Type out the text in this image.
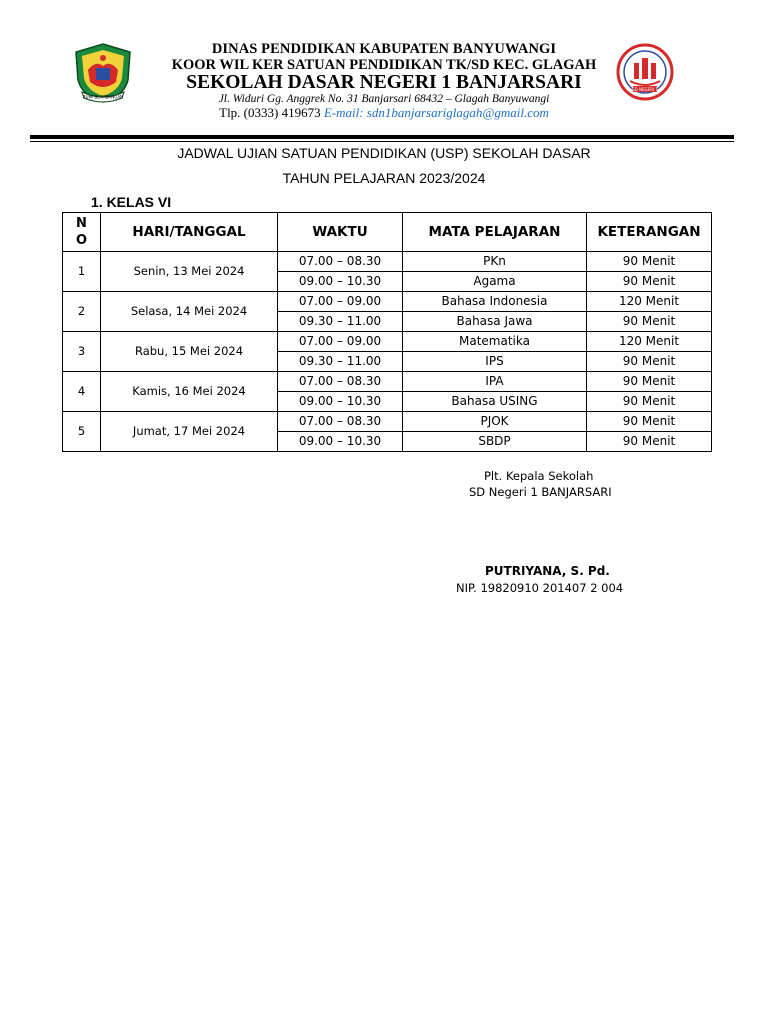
BUMI BLAMBANGAN
SD NEGERI 1
DINAS PENDIDIKAN KABUPATEN BANYUWANGI
KOOR WIL KER SATUAN PENDIDIKAN TK/SD KEC. GLAGAH
SEKOLAH DASAR NEGERI 1 BANJARSARI
Jl. Widuri Gg. Anggrek No. 31 Banjarsari 68432 – Glagah Banyuwangi
Tlp. (0333) 419673 E-mail: sdn1banjarsariglagah@gmail.com
JADWAL UJIAN SATUAN PENDIDIKAN (USP) SEKOLAH DASAR
TAHUN PELAJARAN 2023/2024
1. KELAS VI
N O	HARI/TANGGAL	WAKTU	MATA PELAJARAN	KETERANGAN
1	Senin, 13 Mei 2024	07.00 – 08.30	PKn	90 Menit
		09.00 – 10.30	Agama	90 Menit
2	Selasa, 14 Mei 2024	07.00 – 09.00	Bahasa Indonesia	120 Menit
		09.30 – 11.00	Bahasa Jawa	90 Menit
3	Rabu, 15 Mei 2024	07.00 – 09.00	Matematika	120 Menit
		09.30 – 11.00	IPS	90 Menit
4	Kamis, 16 Mei 2024	07.00 – 08.30	IPA	90 Menit
		09.00 – 10.30	Bahasa USING	90 Menit
5	Jumat, 17 Mei 2024	07.00 – 08.30	PJOK	90 Menit
		09.00 – 10.30	SBDP	90 Menit
Plt. Kepala Sekolah
SD Negeri 1 BANJARSARI
PUTRIYANA, S. Pd.
NIP. 19820910 201407 2 004
